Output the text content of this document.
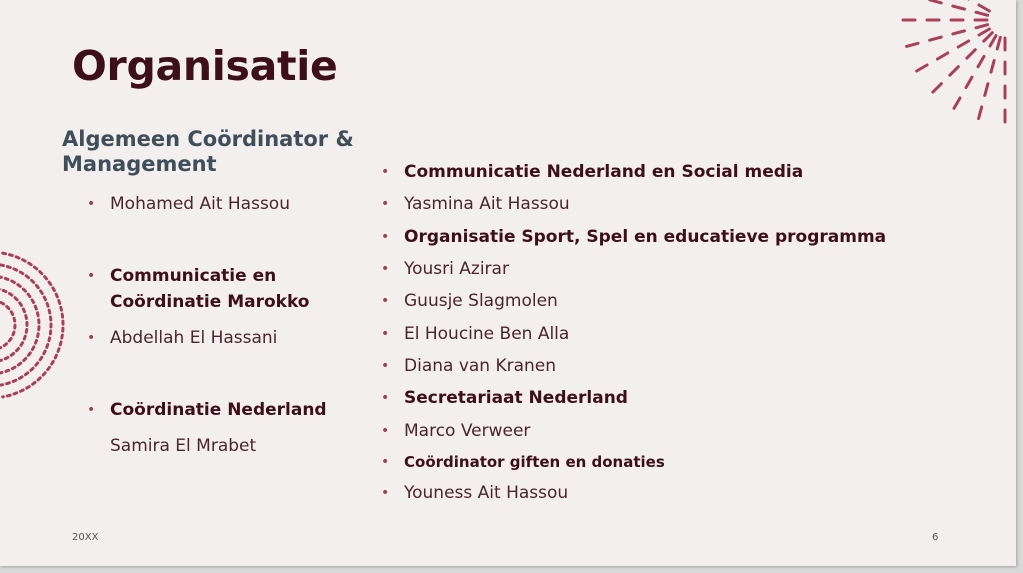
Organisatie
Algemeen Coördinator & Management
• Mohamed Ait Hassou
• Communicatie en
Coördinatie Marokko
• Abdellah El Hassani
• Coördinatie Nederland
Samira El Mrabet
• Communicatie Nederland en Social media
• Yasmina Ait Hassou
• Organisatie Sport, Spel en educatieve programma
• Yousri Azirar
• Guusje Slagmolen
• El Houcine Ben Alla
• Diana van Kranen
• Secretariaat Nederland
• Marco Verweer
• Coördinator giften en donaties
• Youness Ait Hassou
20XX	6
